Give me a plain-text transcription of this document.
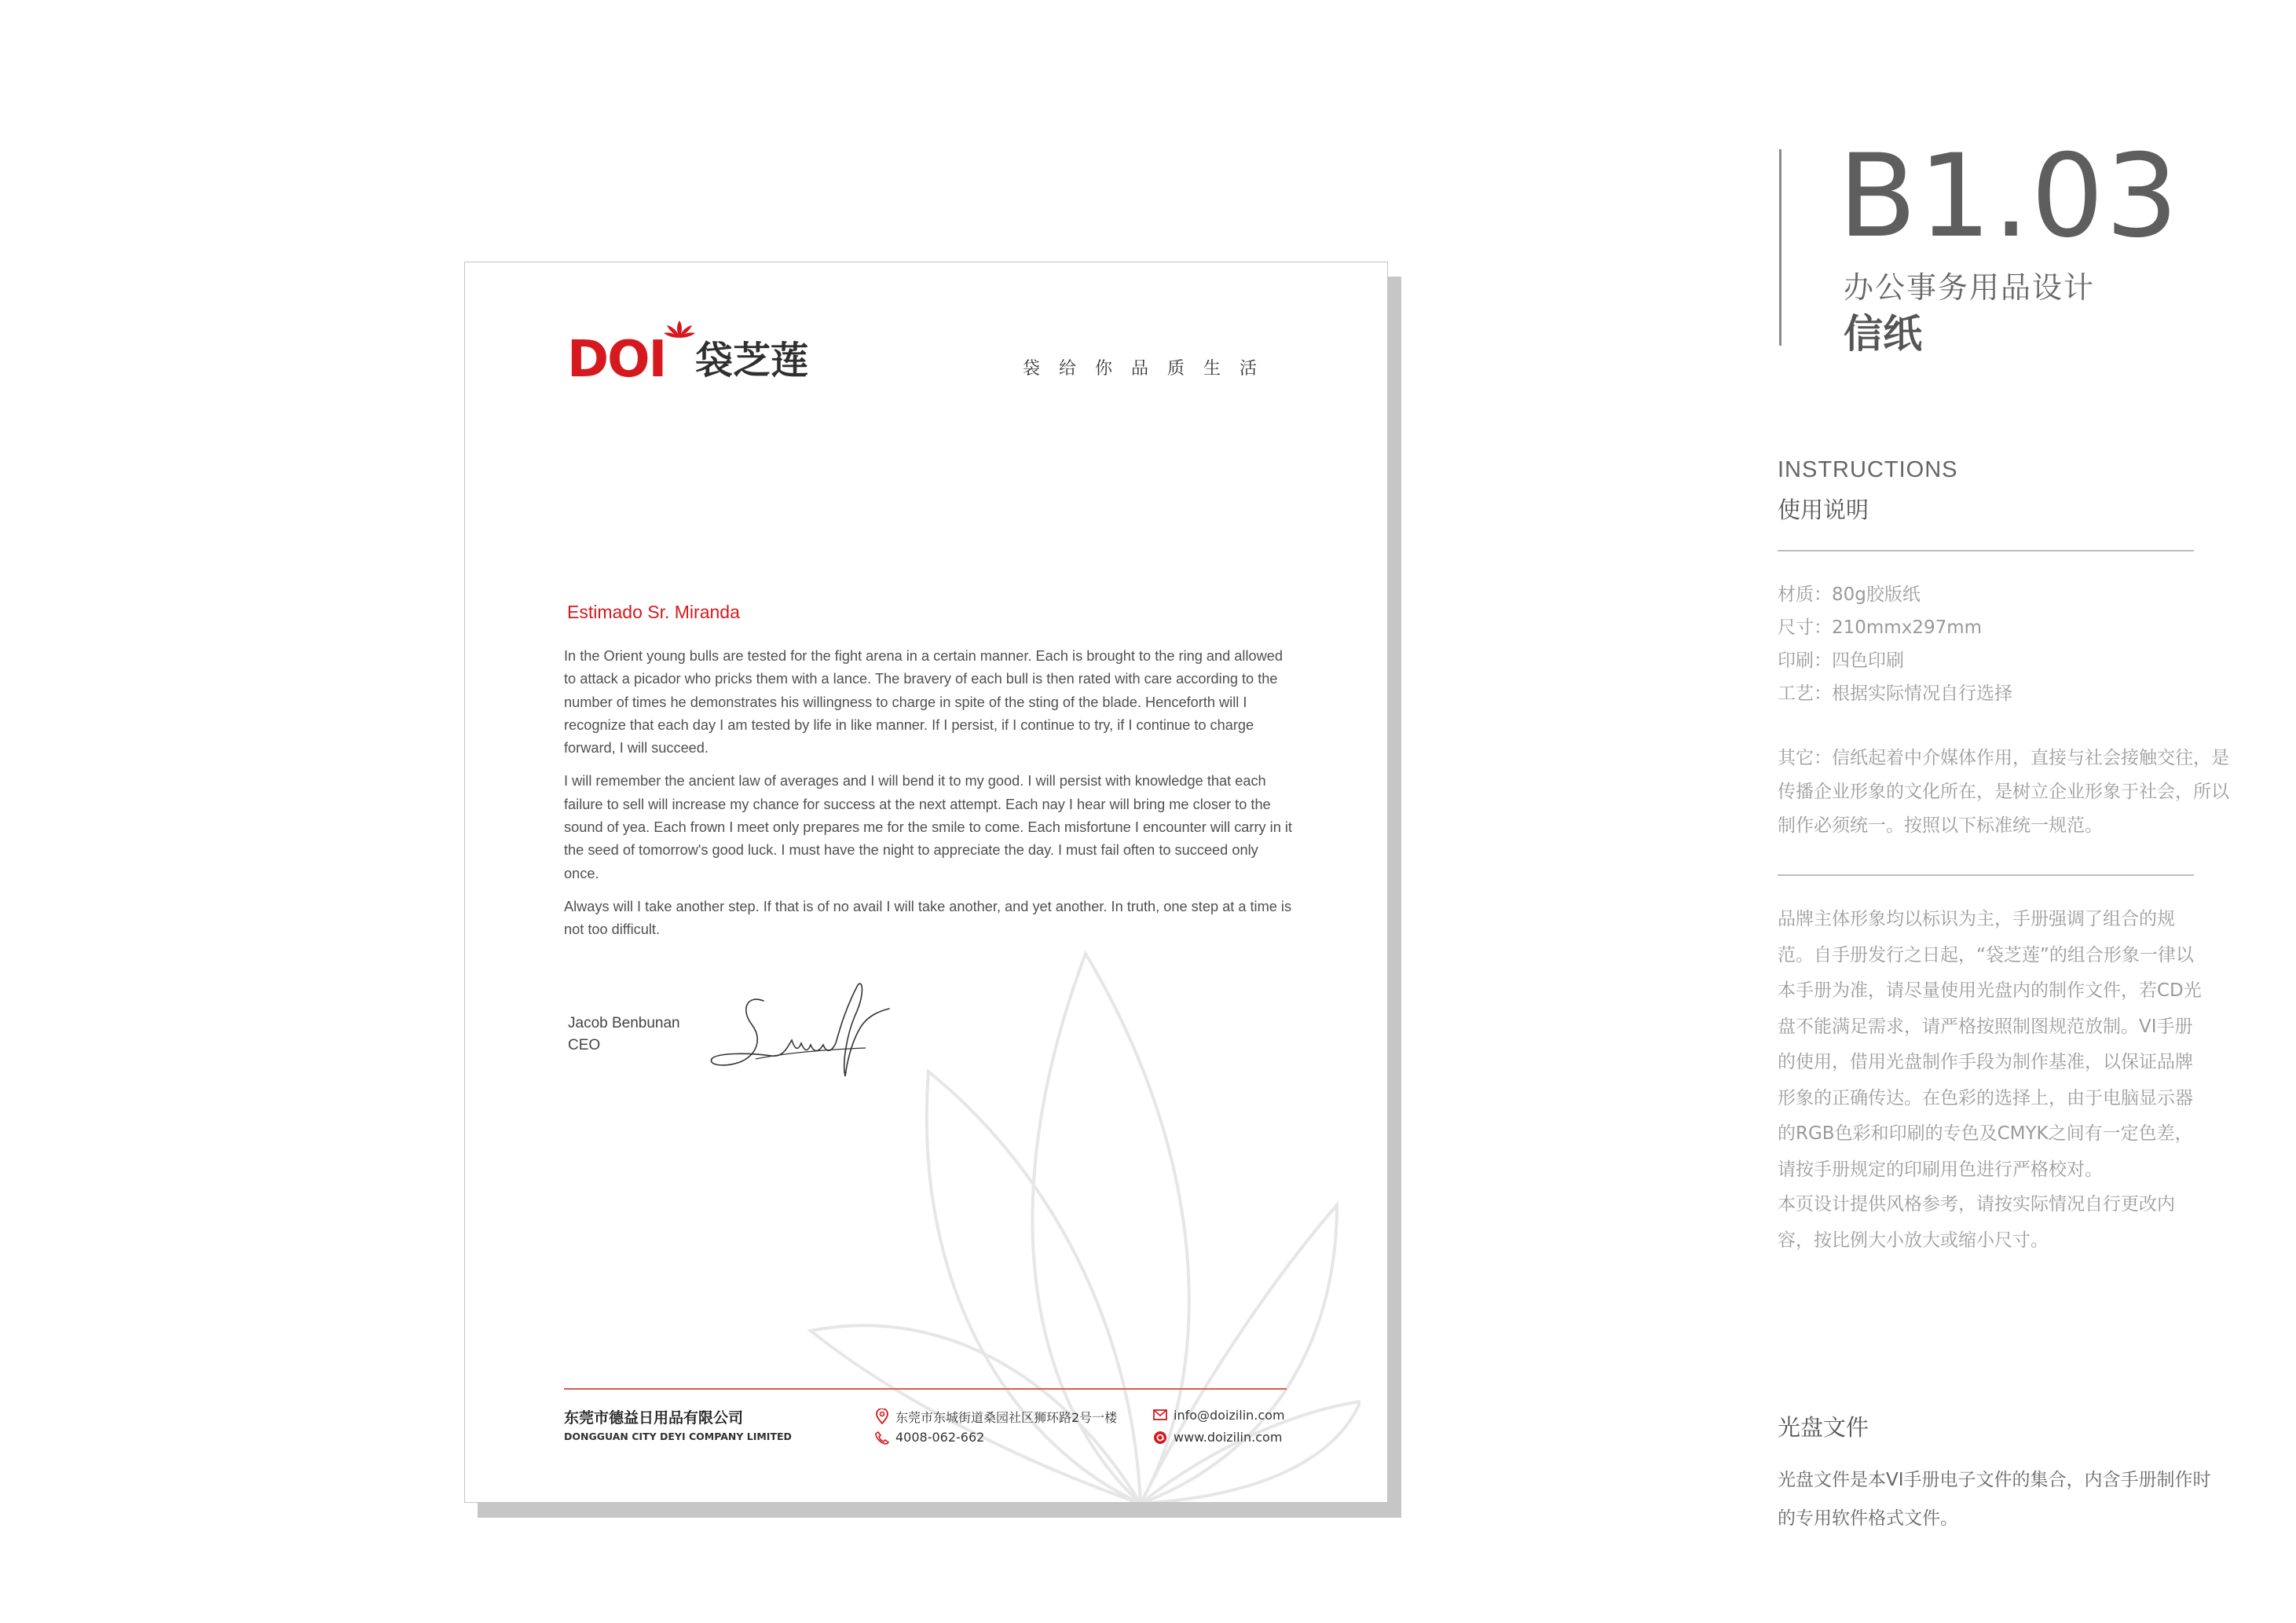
DOI 袋芝莲	袋给你品质生活
Estimado Sr. Miranda

In the Orient young bulls are tested for the fight arena in a certain manner. Each is brought to the ring and allowed to attack a picador who pricks them with a lance. The bravery of each bull is then rated with care according to the number of times he demonstrates his willingness to charge in spite of the sting of the blade. Henceforth will I recognize that each day I am tested by life in like manner. If I persist, if I continue to try, if I continue to charge forward, I will succeed.

I will remember the ancient law of averages and I will bend it to my good. I will persist with knowledge that each failure to sell will increase my chance for success at the next attempt. Each nay I hear will bring me closer to the sound of yea. Each frown I meet only prepares me for the smile to come. Each misfortune I encounter will carry in it the seed of tomorrow's good luck. I must have the night to appreciate the day. I must fail often to succeed only once.

Always will I take another step. If that is of no avail I will take another, and yet another. In truth, one step at a time is not too difficult.

Jacob Benbunan
CEO
东莞市德益日用品有限公司
DONGGUAN CITY DEYI COMPANY LIMITED
东莞市东城街道桑园社区狮环路2号一楼
4008-062-662
info@doizilin.com
www.doizilin.com
B1.03
办公事务用品设计
信纸
INSTRUCTIONS
使用说明
材质：80g胶版纸
尺寸：210mmx297mm
印刷：四色印刷
工艺：根据实际情况自行选择
其它：信纸起着中介媒体作用，直接与社会接触交往，是传播企业形象的文化所在，是树立企业形象于社会，所以制作必须统一。按照以下标准统一规范。
品牌主体形象均以标识为主，手册强调了组合的规范。自手册发行之日起，“袋芝莲”的组合形象一律以本手册为准，请尽量使用光盘内的制作文件，若CD光盘不能满足需求，请严格按照制图规范放制。VI手册的使用，借用光盘制作手段为制作基准，以保证品牌形象的正确传达。在色彩的选择上，由于电脑显示器的RGB色彩和印刷的专色及CMYK之间有一定色差，请按手册规定的印刷用色进行严格校对。
本页设计提供风格参考，请按实际情况自行更改内容，按比例大小放大或缩小尺寸。
光盘文件
光盘文件是本VI手册电子文件的集合，内含手册制作时的专用软件格式文件。
